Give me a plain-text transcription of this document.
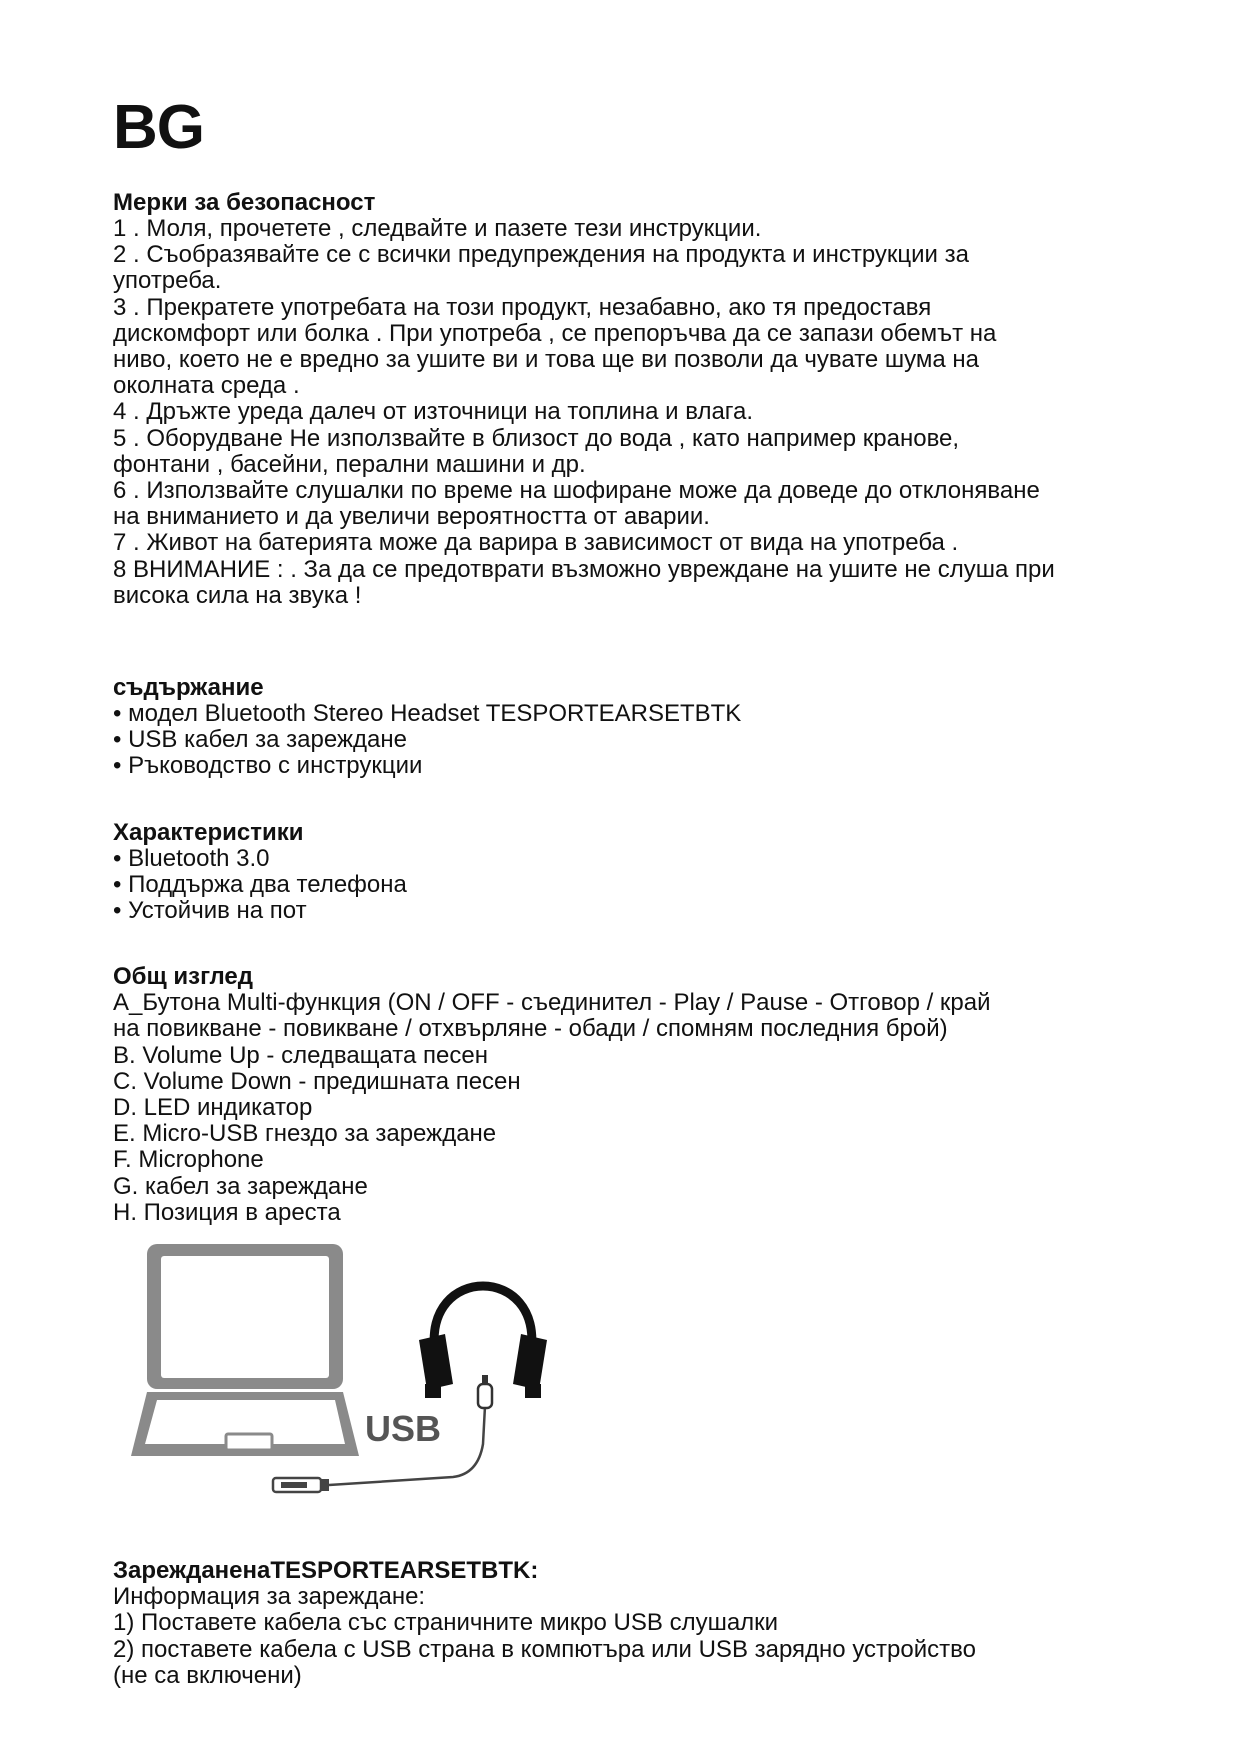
BG

Мерки за безопасност

1 . Моля, прочетете , следвайте и пазете тези инструкции.

2 . Съобразявайте се с всички предупреждения на продукта и инструкции за

употреба.

3 . Прекратете употребата на този продукт, незабавно, ако тя предоставя

дискомфорт или болка . При употреба , се препоръчва да се запази обемът на

ниво, което не е вредно за ушите ви и това ще ви позволи да чувате шума на

околната среда .

4 . Дръжте уреда далеч от източници на топлина и влага.

5 . Оборудване Не използвайте в близост до вода , като например кранове,

фонтани , басейни, перални машини и др.

6 . Използвайте слушалки по време на шофиране може да доведе до отклоняване

на вниманието и да увеличи вероятността от аварии.

7 . Живот на батерията може да варира в зависимост от вида на употреба .

8 ВНИМАНИЕ : . За да се предотврати възможно увреждане на ушите не слуша при

висока сила на звука !

съдържание

• модел Bluetooth Stereo Headset TESPORTEARSETBTK

• USB кабел за зареждане

• Ръководство с инструкции

Характеристики

• Bluetooth 3.0

• Поддържа два телефона

• Устойчив на пот

Общ изглед

A_Бутона Multi-функция (ON / OFF - съединител - Play / Pause - Отговор / край

на повикване - повикване / отхвърляне - обади / спомням последния брой)

B. Volume Up - следващата песен

C. Volume Down - предишната песен

D. LED индикатор

E. Micro-USB гнездо за зареждане

F. Microphone

G. кабел за зареждане

H. Позиция в ареста

USB

ЗарежданенаTESPORTEARSETBTK:

Информация за зареждане:

1) Поставете кабела със страничните микро USB слушалки

2) поставете кабела с USB страна в компютъра или USB зарядно устройство

(не са включени)
